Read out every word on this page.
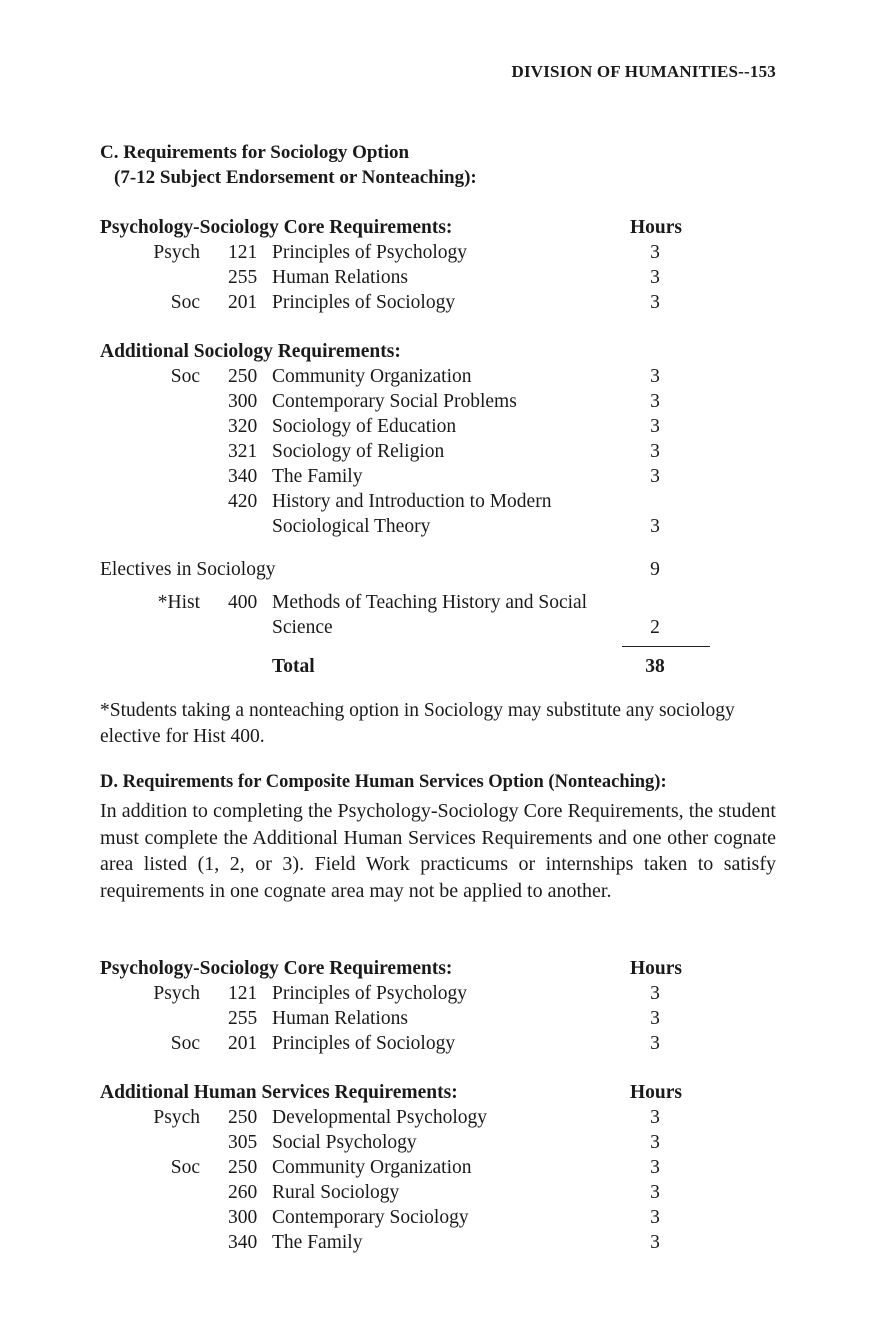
DIVISION OF HUMANITIES--153
C. Requirements for Sociology Option
(7-12 Subject Endorsement or Nonteaching):
Psychology-Sociology Core Requirements:	Hours
Psych 121 Principles of Psychology	3
255 Human Relations	3
Soc 201 Principles of Sociology	3
Additional Sociology Requirements:
Soc 250 Community Organization	3
300 Contemporary Social Problems	3
320 Sociology of Education	3
321 Sociology of Religion	3
340 The Family	3
420 History and Introduction to Modern
Sociological Theory	3
Electives in Sociology	9
*Hist 400 Methods of Teaching History and Social
Science	2
Total	38
*Students taking a nonteaching option in Sociology may substitute any sociology elective for Hist 400.
D. Requirements for Composite Human Services Option (Nonteaching):
In addition to completing the Psychology-Sociology Core Requirements, the student must complete the Additional Human Services Requirements and one other cognate area listed (1, 2, or 3). Field Work practicums or internships taken to satisfy requirements in one cognate area may not be applied to another.
Psychology-Sociology Core Requirements:	Hours
Psych 121 Principles of Psychology	3
255 Human Relations	3
Soc 201 Principles of Sociology	3
Additional Human Services Requirements:	Hours
Psych 250 Developmental Psychology	3
305 Social Psychology	3
Soc 250 Community Organization	3
260 Rural Sociology	3
300 Contemporary Sociology	3
340 The Family	3
